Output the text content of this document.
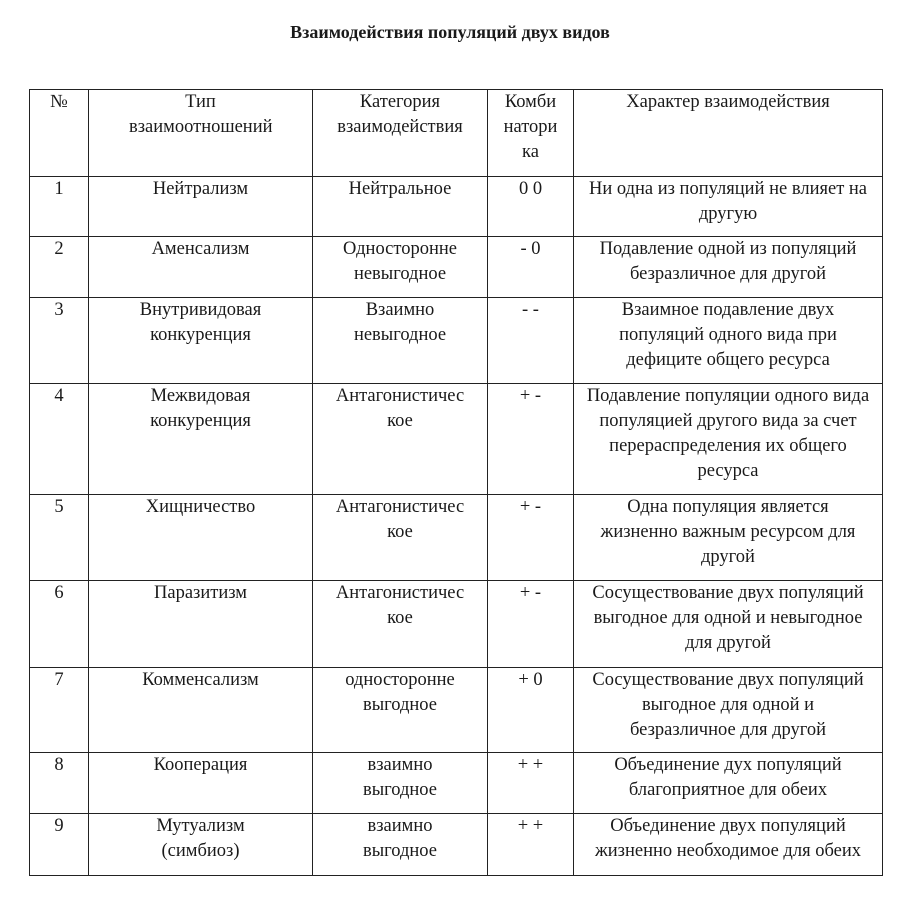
Взаимодействия популяций двух видов
№	Тип взаимоотношений	Категория взаимодействия	Комби натори ка	Характер взаимодействия
1	Нейтрализм	Нейтральное	0 0	Ни одна из популяций не влияет на другую
2	Аменсализм	Односторонне невыгодное	- 0	Подавление одной из популяций безразличное для другой
3	Внутривидовая конкуренция	Взаимно невыгодное	- -	Взаимное подавление двух популяций одного вида при дефиците общего ресурса
4	Межвидовая конкуренция	Антагонистичес кое	+ -	Подавление популяции одного вида популяцией другого вида за счет перераспределения их общего ресурса
5	Хищничество	Антагонистичес кое	+ -	Одна популяция является жизненно важным ресурсом для другой
6	Паразитизм	Антагонистичес кое	+ -	Сосуществование двух популяций выгодное для одной и невыгодное для другой
7	Комменсализм	односторонне выгодное	+ 0	Сосуществование двух популяций выгодное для одной и безразличное для другой
8	Кооперация	взаимно выгодное	+ +	Объединение дух популяций благоприятное для обеих
9	Мутуализм (симбиоз)	взаимно выгодное	+ +	Объединение двух популяций жизненно необходимое для обеих
